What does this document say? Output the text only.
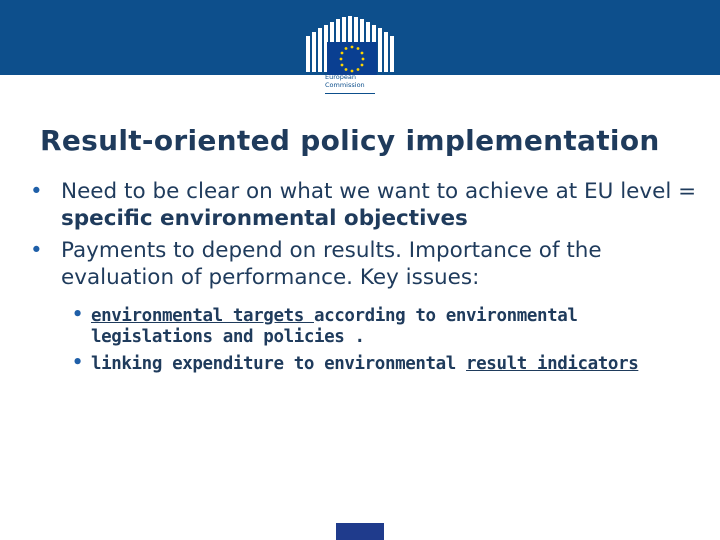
European
Commission
Result-oriented policy implementation
• Need to be clear on what we want to achieve at EU level = specific environmental objectives
• Payments to depend on results. Importance of the evaluation of performance. Key issues:
• environmental targets according to environmental legislations and policies .
• linking expenditure to environmental result indicators
